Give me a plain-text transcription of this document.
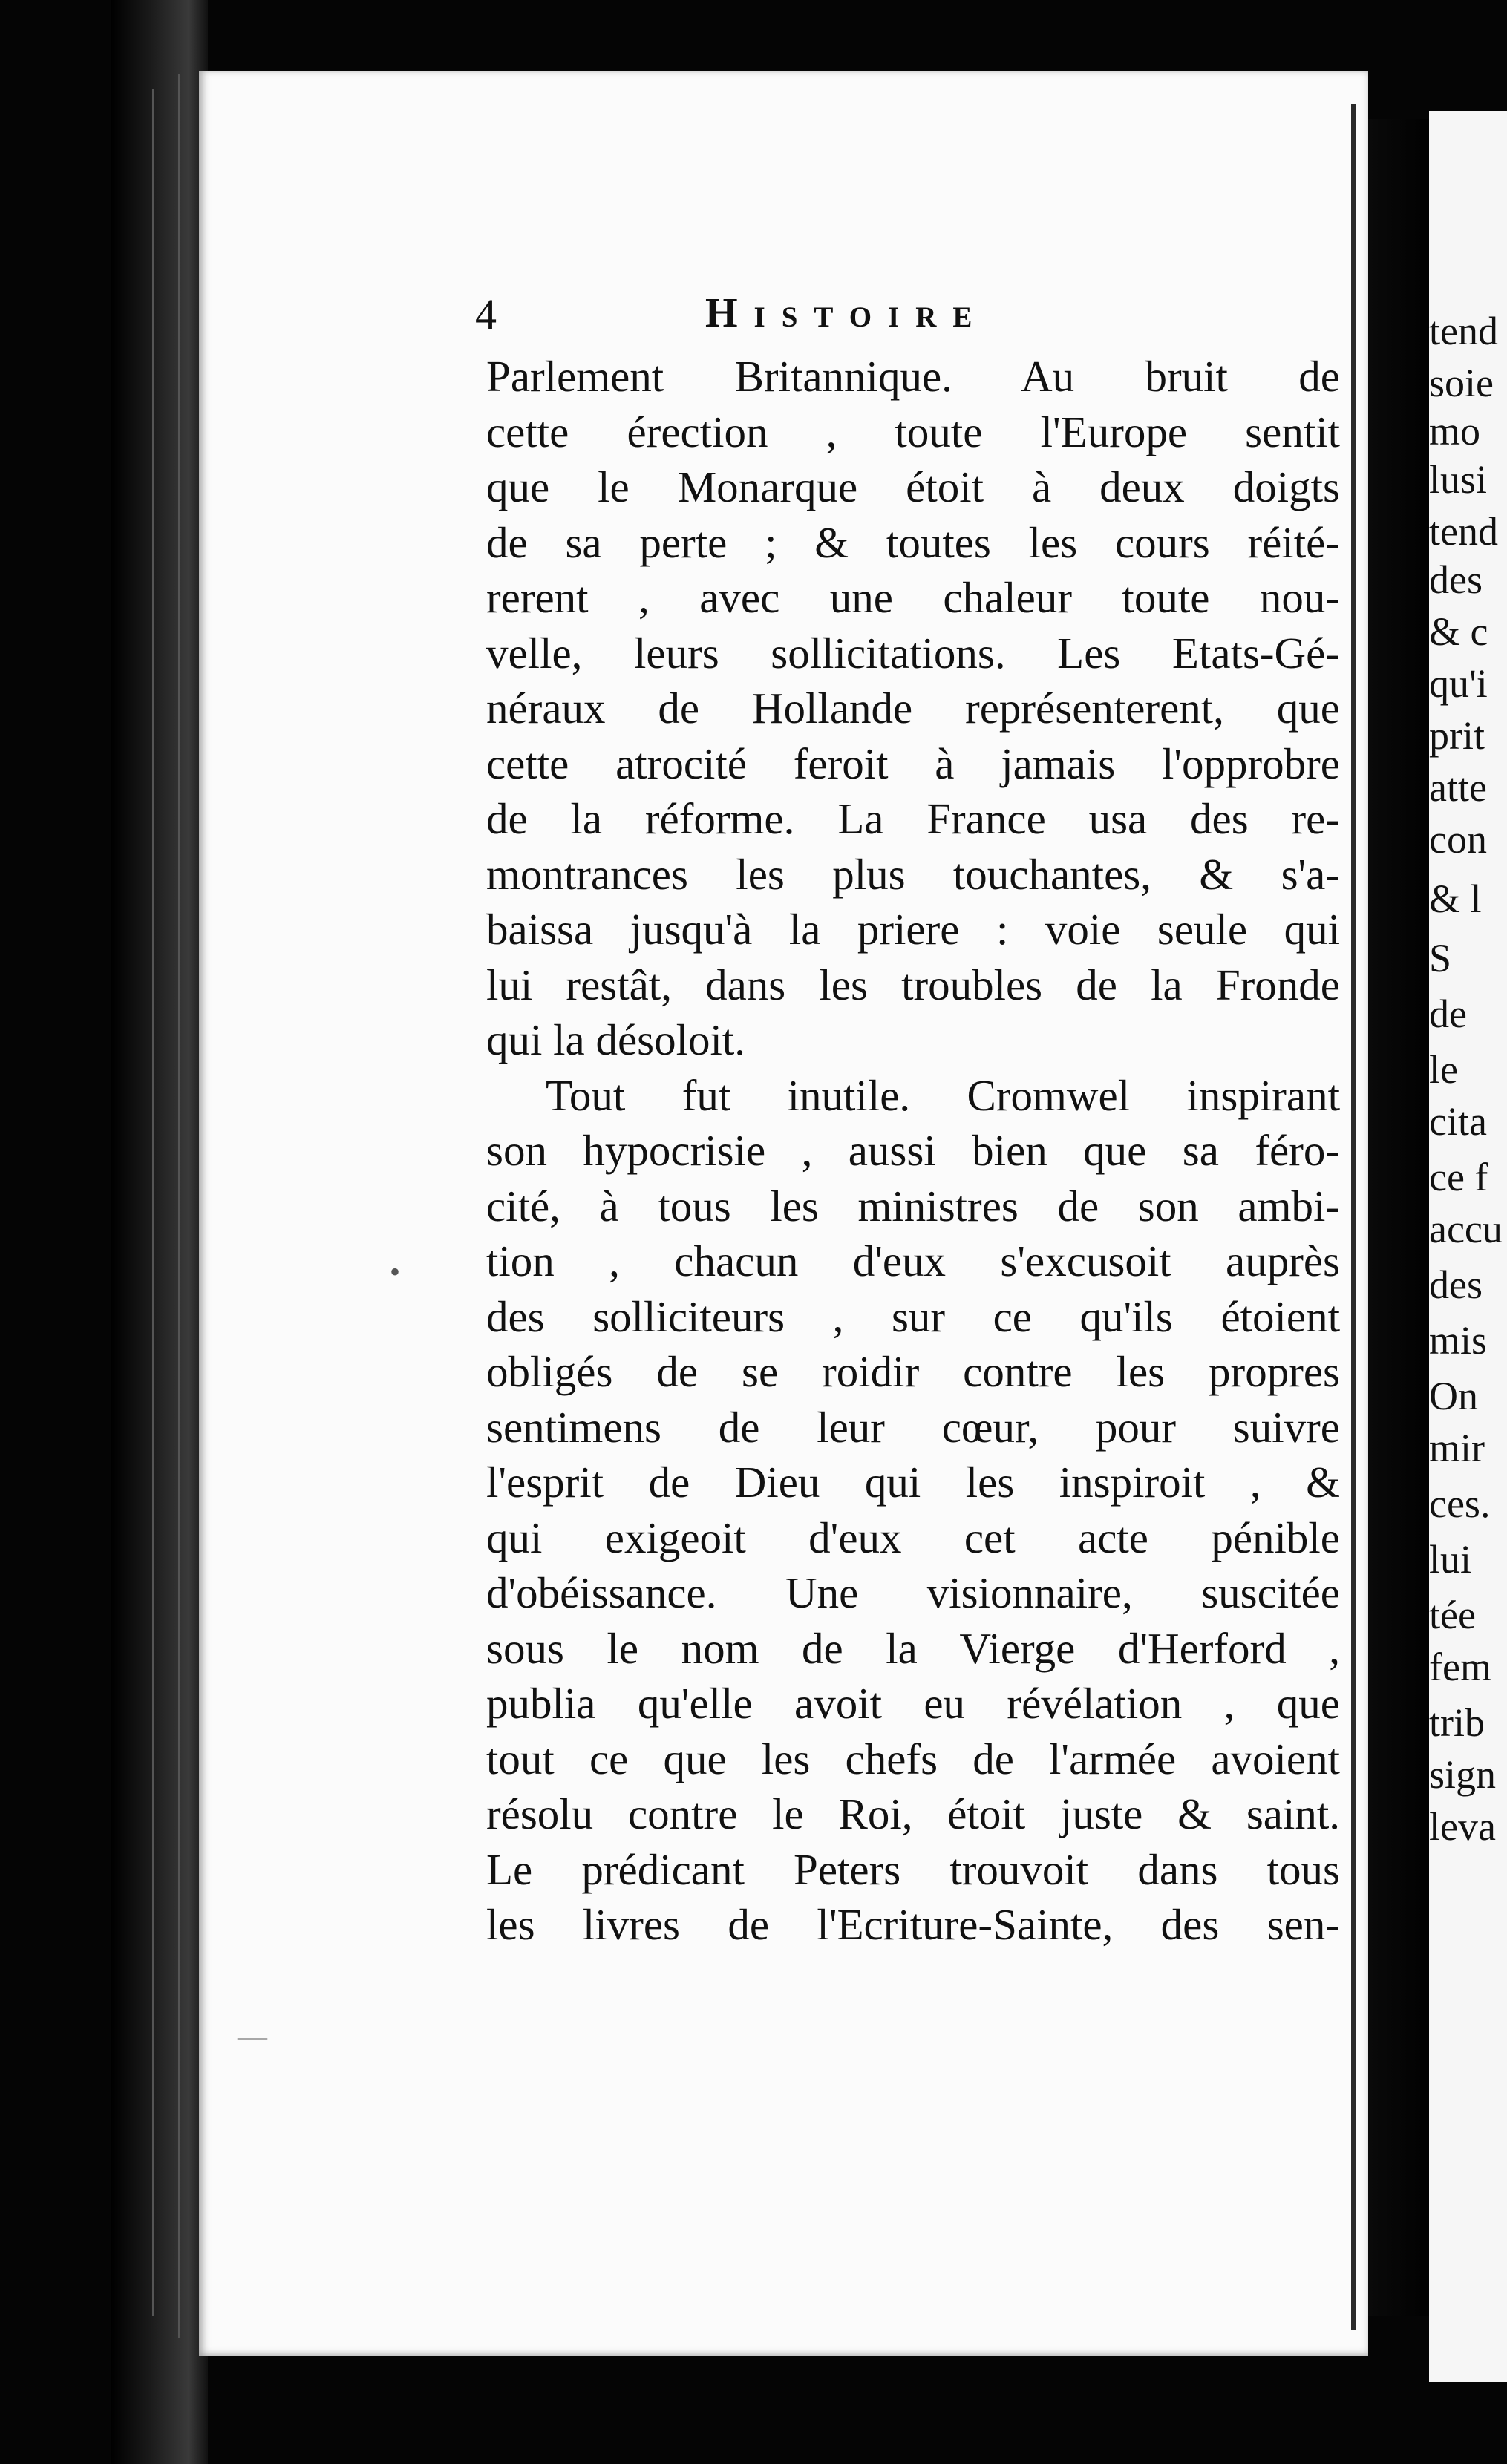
4	Histoire
Parlement Britannique. Au bruit de
cette érection , toute l'Europe sentit
que le Monarque étoit à deux doigts
de sa perte ; & toutes les cours réité-
rerent , avec une chaleur toute nou-
velle, leurs sollicitations. Les Etats-Gé-
néraux de Hollande représenterent, que
cette atrocité feroit à jamais l'opprobre
de la réforme. La France usa des re-
montrances les plus touchantes, & s'a-
baissa jusqu'à la priere : voie seule qui
lui restât, dans les troubles de la Fronde
qui la désoloit.
Tout fut inutile. Cromwel inspirant
son hypocrisie , aussi bien que sa féro-
cité, à tous les ministres de son ambi-
tion , chacun d'eux s'excusoit auprès
des solliciteurs , sur ce qu'ils étoient
obligés de se roidir contre les propres
sentimens de leur cœur, pour suivre
l'esprit de Dieu qui les inspiroit , &
qui exigeoit d'eux cet acte pénible
d'obéissance. Une visionnaire, suscitée
sous le nom de la Vierge d'Herford ,
publia qu'elle avoit eu révélation , que
tout ce que les chefs de l'armée avoient
résolu contre le Roi, étoit juste & saint.
Le prédicant Peters trouvoit dans tous
les livres de l'Ecriture-Sainte, des sen-
tend
soie
mo
lusi
tend
des
& c
qu'i
prit
atte
con
& l
S
de
le
cita
ce f
accu
des
mis
On
mir
ces.
lui
tée
fem
trib
sign
leva
•
—
